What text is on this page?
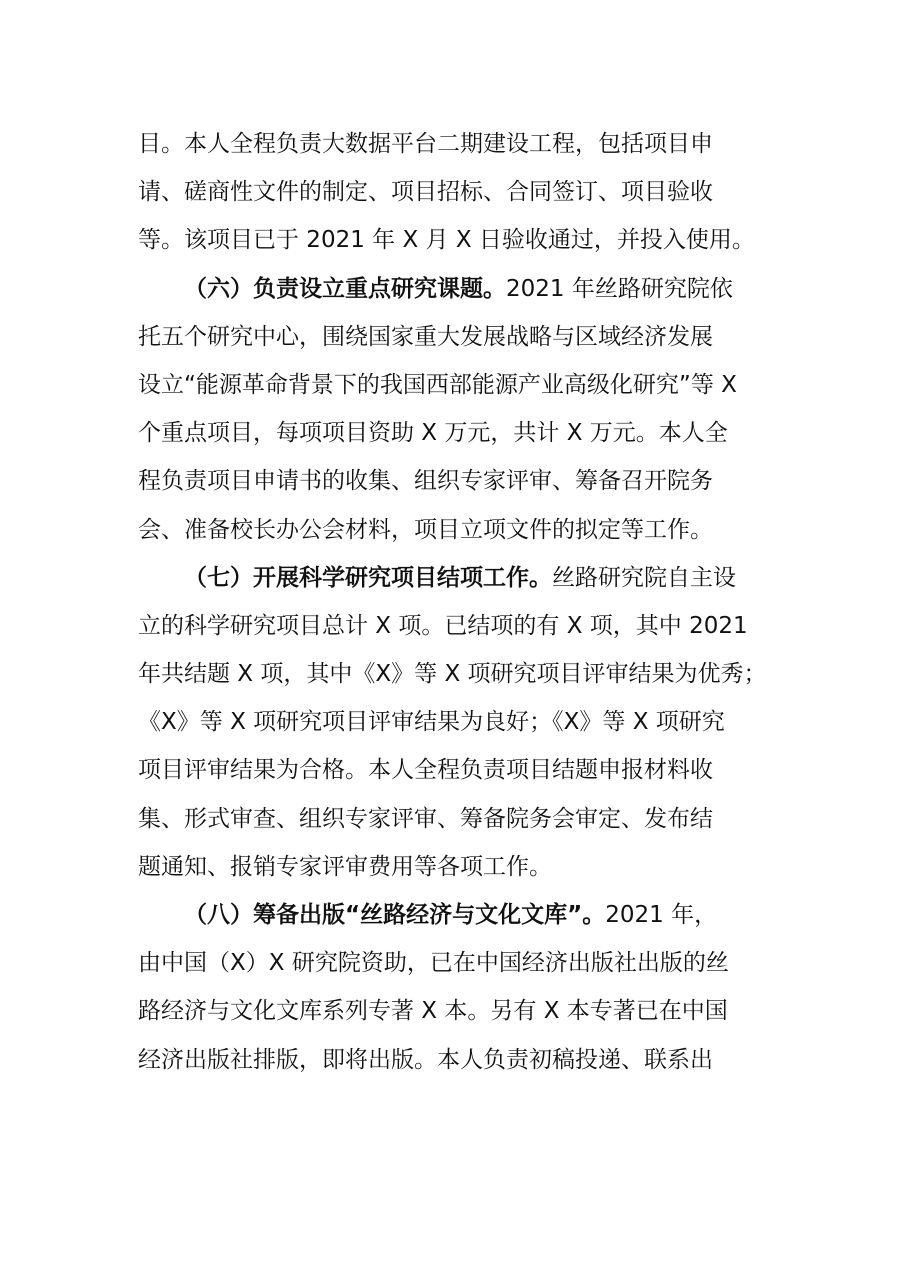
目。本人全程负责大数据平台二期建设工程，包括项目申
请、磋商性文件的制定、项目招标、合同签订、项目验收
等。该项目已于 2021 年 X 月 X 日验收通过，并投入使用。
（六）负责设立重点研究课题。2021 年丝路研究院依
托五个研究中心，围绕国家重大发展战略与区域经济发展
设立“能源革命背景下的我国西部能源产业高级化研究”等 X
个重点项目，每项项目资助 X 万元，共计 X 万元。本人全
程负责项目申请书的收集、组织专家评审、筹备召开院务
会、准备校长办公会材料，项目立项文件的拟定等工作。
（七）开展科学研究项目结项工作。丝路研究院自主设
立的科学研究项目总计 X 项。已结项的有 X 项，其中 2021
年共结题 X 项，其中《X》等 X 项研究项目评审结果为优秀；
《X》等 X 项研究项目评审结果为良好；《X》等 X 项研究
项目评审结果为合格。本人全程负责项目结题申报材料收
集、形式审查、组织专家评审、筹备院务会审定、发布结
题通知、报销专家评审费用等各项工作。
（八）筹备出版“丝路经济与文化文库”。2021 年，
由中国（X）X 研究院资助，已在中国经济出版社出版的丝
路经济与文化文库系列专著 X 本。另有 X 本专著已在中国
经济出版社排版，即将出版。本人负责初稿投递、联系出
